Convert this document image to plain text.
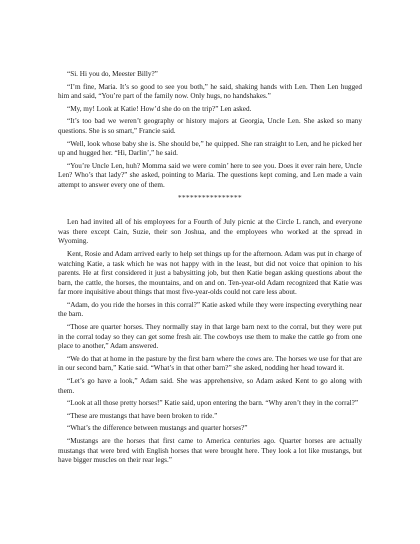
“Si. Hi you do, Meester Billy?”

“I’m fine, Maria. It’s so good to see you both,” he said, shaking hands with Len. Then Len hugged him and said, “You’re part of the family now. Only hugs, no handshakes.”

“My, my! Look at Katie! How’d she do on the trip?” Len asked.

“It’s too bad we weren’t geography or history majors at Georgia, Uncle Len. She asked so many questions. She is so smart,” Francie said.

“Well, look whose baby she is. She should be,” he quipped. She ran straight to Len, and he picked her up and hugged her. “Hi, Darlin’,” he said.

“You’re Uncle Len, huh? Momma said we were comin’ here to see you. Does it ever rain here, Uncle Len? Who’s that lady?” she asked, pointing to Maria. The questions kept coming, and Len made a vain attempt to answer every one of them.

****************

Len had invited all of his employees for a Fourth of July picnic at the Circle L ranch, and everyone was there except Cain, Suzie, their son Joshua, and the employees who worked at the spread in Wyoming.

Kent, Rosie and Adam arrived early to help set things up for the afternoon. Adam was put in charge of watching Katie, a task which he was not happy with in the least, but did not voice that opinion to his parents. He at first considered it just a babysitting job, but then Katie began asking questions about the barn, the cattle, the horses, the mountains, and on and on. Ten-year-old Adam recognized that Katie was far more inquisitive about things that most five-year-olds could not care less about.

“Adam, do you ride the horses in this corral?” Katie asked while they were inspecting everything near the barn.

“Those are quarter horses. They normally stay in that large barn next to the corral, but they were put in the corral today so they can get some fresh air. The cowboys use them to make the cattle go from one place to another,” Adam answered.

“We do that at home in the pasture by the first barn where the cows are. The horses we use for that are in our second barn,” Katie said. “What’s in that other barn?” she asked, nodding her head toward it.

“Let’s go have a look,” Adam said. She was apprehensive, so Adam asked Kent to go along with them.

“Look at all those pretty horses!” Katie said, upon entering the barn. “Why aren’t they in the corral?”

“These are mustangs that have been broken to ride.”

“What’s the difference between mustangs and quarter horses?”

“Mustangs are the horses that first came to America centuries ago. Quarter horses are actually mustangs that were bred with English horses that were brought here. They look a lot like mustangs, but have bigger muscles on their rear legs.”
